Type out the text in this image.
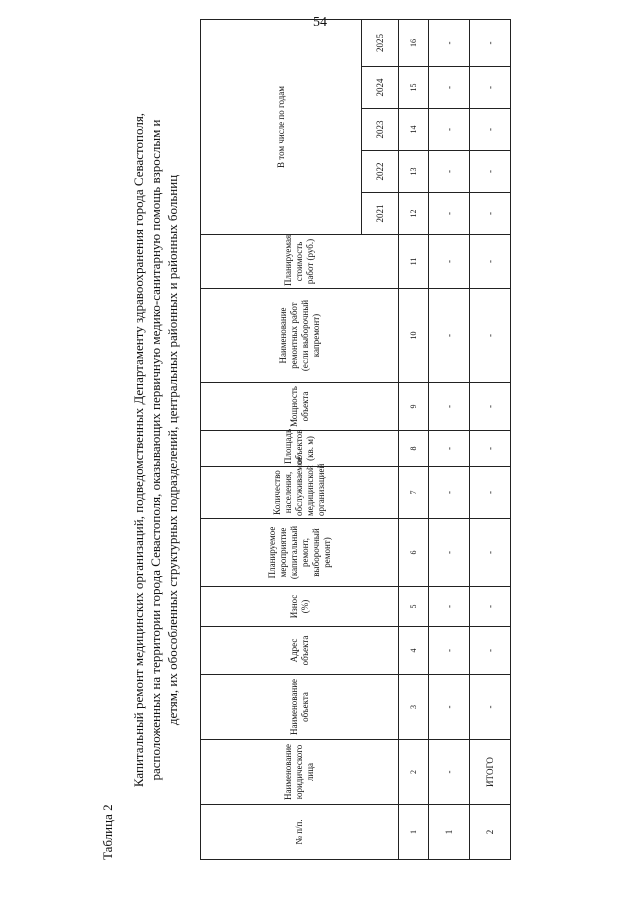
54
Таблица 2
Капитальный ремонт медицинских организаций, подведомственных Департаменту здравоохранения города Севастополя, расположенных на территории города Севастополя, оказывающих первичную медико-санитарную помощь взрослым и детям, их обособленных структурных подразделений, центральных районных и районных больниц
№ п/п.	Наименование юридического лица	Наименование объекта	Адрес объекта	Износ (%)	Планируемое мероприятие (капитальный ремонт, выборочный ремонт)	Количество населения, обслуживаемое медицинской организацией	Площадь объектов (кв. м)	Мощность объекта	Наименование ремонтных работ (если выборочный капремонт)	Планируемая стоимость работ (руб.)	В том числе по годам				
											2021	2022	2023	2024	2025
1	2	3	4	5	6	7	8	9	10	11	12	13	14	15	16
1	-	-	-	-	-	-	-	-	-	-	-	-	-	-	-
2	ИТОГО	-	-	-	-	-	-	-	-	-	-	-	-	-	-
